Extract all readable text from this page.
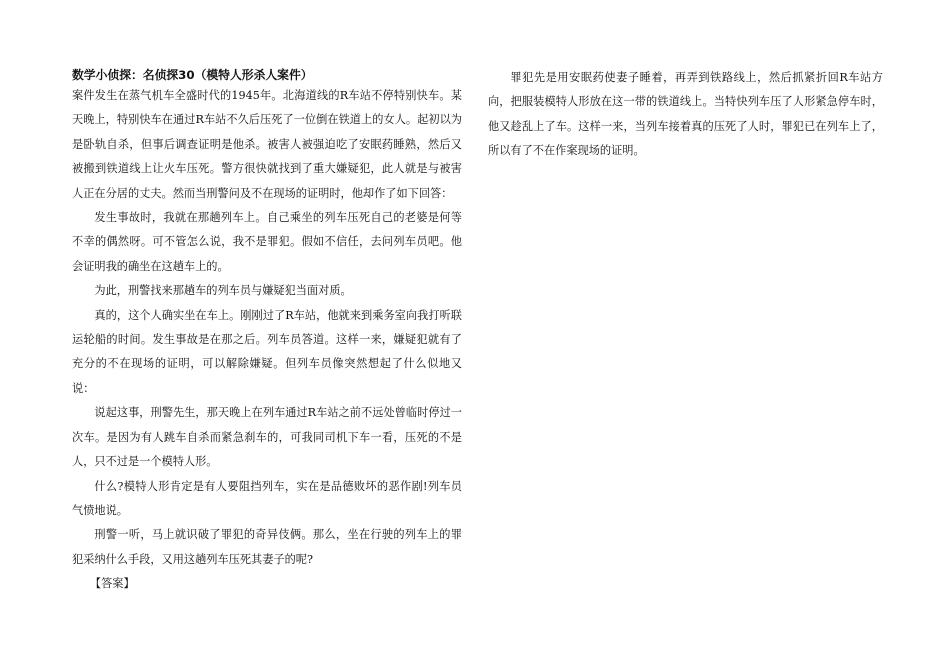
数学小侦探：名侦探30（模特人形杀人案件）

案件发生在蒸气机车全盛时代的1945年。北海道线的R车站不停特别快车。某天晚上，特别快车在通过R车站不久后压死了一位倒在铁道上的女人。起初以为是卧轨自杀，但事后调查证明是他杀。被害人被强迫吃了安眠药睡熟，然后又被搬到铁道线上让火车压死。警方很快就找到了重大嫌疑犯，此人就是与被害人正在分居的丈夫。然而当刑警问及不在现场的证明时，他却作了如下回答：

发生事故时，我就在那趟列车上。自己乘坐的列车压死自己的老婆是何等不幸的偶然呀。可不管怎么说，我不是罪犯。假如不信任，去问列车员吧。他会证明我的确坐在这趟车上的。

为此，刑警找来那趟车的列车员与嫌疑犯当面对质。

真的，这个人确实坐在车上。刚刚过了R车站，他就来到乘务室向我打听联运轮船的时间。发生事故是在那之后。列车员答道。这样一来，嫌疑犯就有了充分的不在现场的证明，可以解除嫌疑。但列车员像突然想起了什么似地又说：

说起这事，刑警先生，那天晚上在列车通过R车站之前不远处曾临时停过一次车。是因为有人跳车自杀而紧急刹车的，可我同司机下车一看，压死的不是人，只不过是一个模特人形。

什么?模特人形肯定是有人要阻挡列车，实在是品德败坏的恶作剧!列车员气愤地说。

刑警一听，马上就识破了罪犯的奇异伎俩。那么，坐在行驶的列车上的罪犯采纳什么手段，又用这趟列车压死其妻子的呢?

【答案】

罪犯先是用安眠药使妻子睡着，再弄到铁路线上，然后抓紧折回R车站方向，把服装模特人形放在这一带的铁道线上。当特快列车压了人形紧急停车时，他又趁乱上了车。这样一来，当列车接着真的压死了人时，罪犯已在列车上了，所以有了不在作案现场的证明。
